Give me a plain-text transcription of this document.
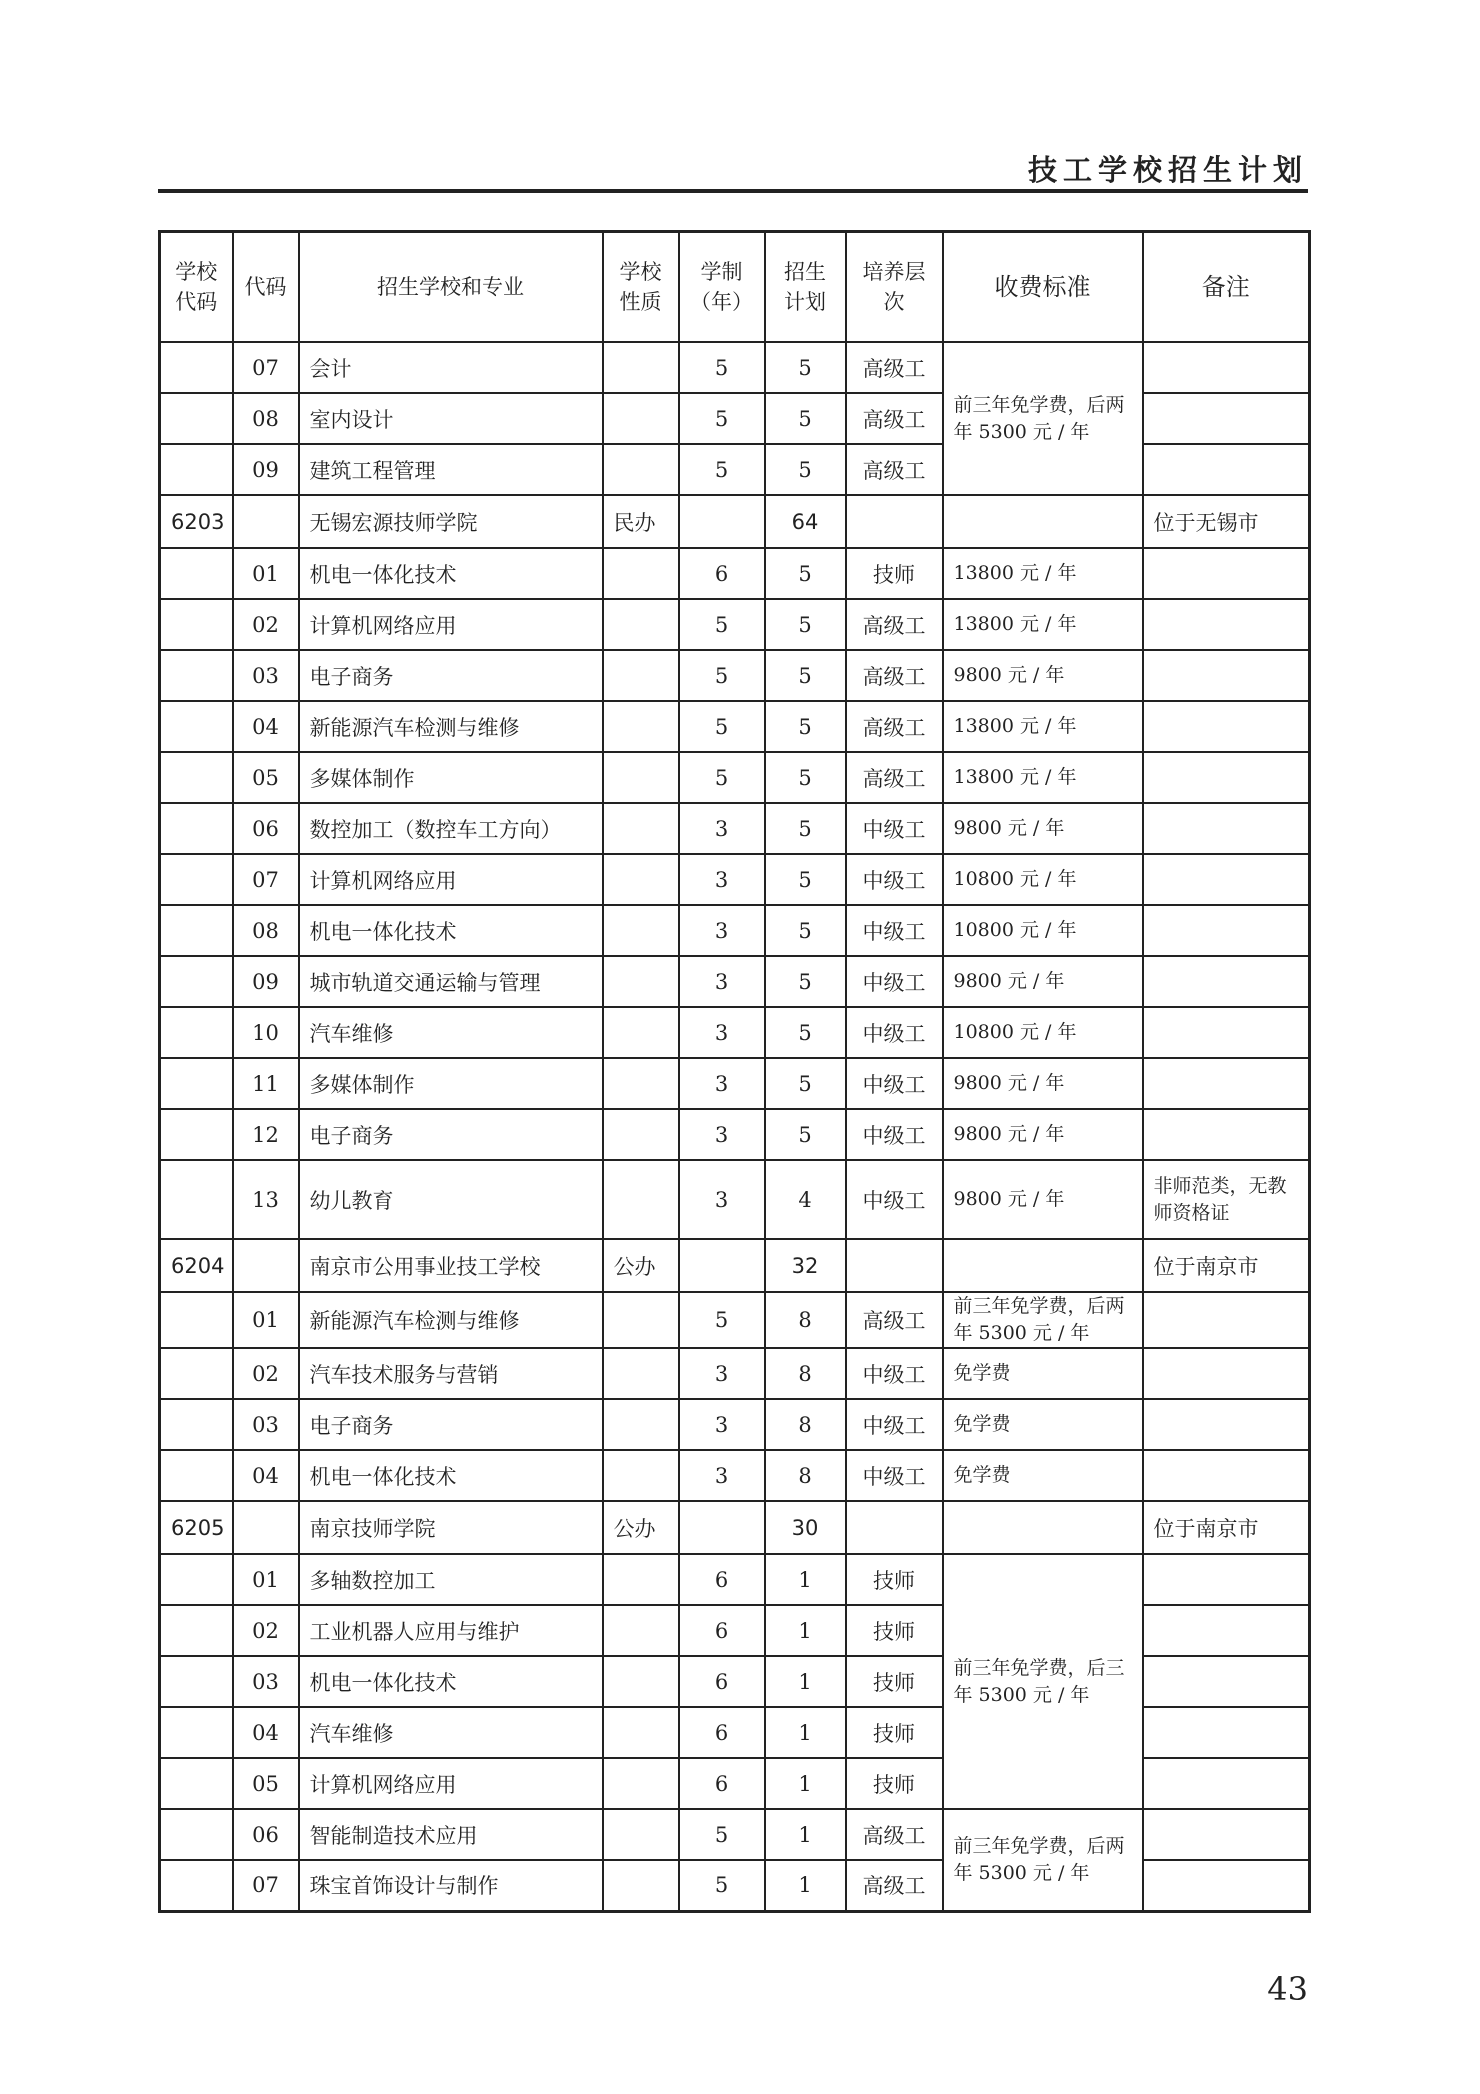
技工学校招生计划
学校代码	代码	招生学校和专业	学校性质	学制（年）	招生计划	培养层次	收费标准	备注
	07	会计		5	5	高级工	前三年免学费，后两年 5300 元 / 年	
	08	室内设计		5	5	高级工		
	09	建筑工程管理		5	5	高级工		
6203		无锡宏源技师学院	民办		64			位于无锡市
	01	机电一体化技术		6	5	技师	13800 元 / 年	
	02	计算机网络应用		5	5	高级工	13800 元 / 年	
	03	电子商务		5	5	高级工	9800 元 / 年	
	04	新能源汽车检测与维修		5	5	高级工	13800 元 / 年	
	05	多媒体制作		5	5	高级工	13800 元 / 年	
	06	数控加工（数控车工方向）		3	5	中级工	9800 元 / 年	
	07	计算机网络应用		3	5	中级工	10800 元 / 年	
	08	机电一体化技术		3	5	中级工	10800 元 / 年	
	09	城市轨道交通运输与管理		3	5	中级工	9800 元 / 年	
	10	汽车维修		3	5	中级工	10800 元 / 年	
	11	多媒体制作		3	5	中级工	9800 元 / 年	
	12	电子商务		3	5	中级工	9800 元 / 年	
	13	幼儿教育		3	4	中级工	9800 元 / 年	非师范类，无教师资格证
6204		南京市公用事业技工学校	公办		32			位于南京市
	01	新能源汽车检测与维修		5	8	高级工	前三年免学费，后两年 5300 元 / 年	
	02	汽车技术服务与营销		3	8	中级工	免学费	
	03	电子商务		3	8	中级工	免学费	
	04	机电一体化技术		3	8	中级工	免学费	
6205		南京技师学院	公办		30			位于南京市
	01	多轴数控加工		6	1	技师	前三年免学费，后三年 5300 元 / 年	
	02	工业机器人应用与维护		6	1	技师		
	03	机电一体化技术		6	1	技师		
	04	汽车维修		6	1	技师		
	05	计算机网络应用		6	1	技师		
	06	智能制造技术应用		5	1	高级工	前三年免学费，后两年 5300 元 / 年	
	07	珠宝首饰设计与制作		5	1	高级工		
43
